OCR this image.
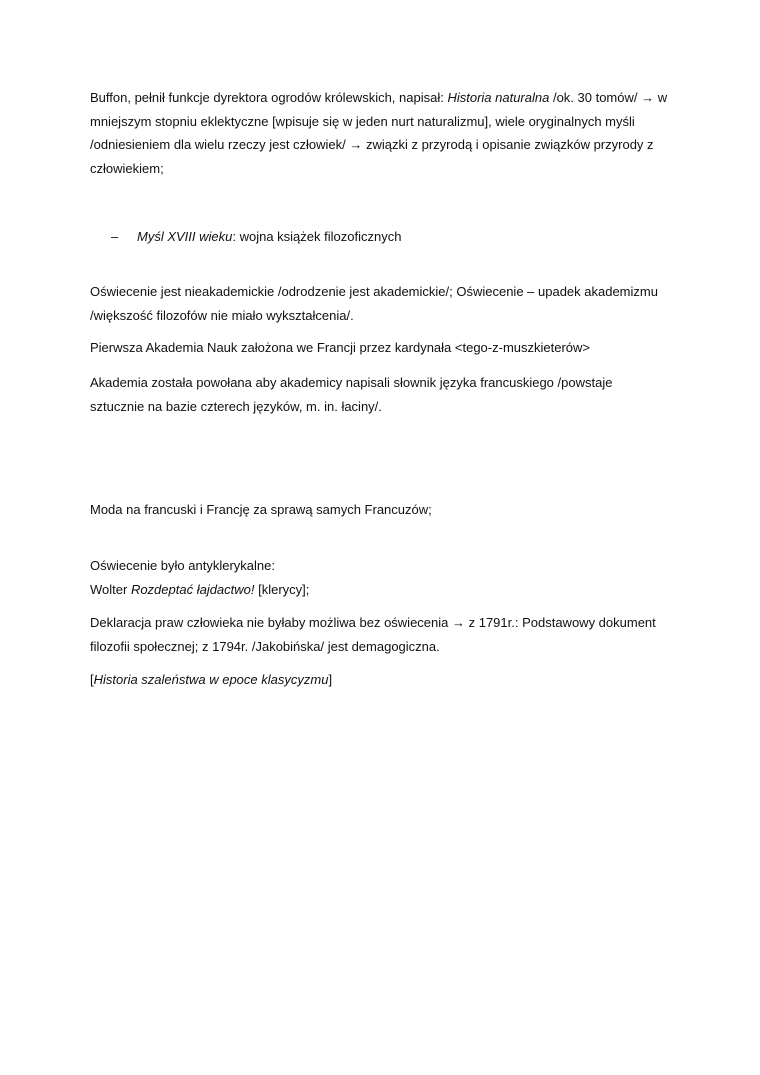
Buffon, pełnił funkcje dyrektora ogrodów królewskich, napisał: Historia naturalna /ok. 30 tomów/ → w mniejszym stopniu eklektyczne [wpisuje się w jeden nurt naturalizmu], wiele oryginalnych myśli /odniesieniem dla wielu rzeczy jest człowiek/ → związki z przyrodą i opisanie związków przyrody z człowiekiem;
– Myśl XVIII wieku: wojna książek filozoficznych
Oświecenie jest nieakademickie /odrodzenie jest akademickie/; Oświecenie – upadek akademizmu /większość filozofów nie miało wykształcenia/.
Pierwsza Akademia Nauk założona we Francji przez kardynała <tego-z-muszkieterów>
Akademia została powołana aby akademicy napisali słownik języka francuskiego /powstaje sztucznie na bazie czterech języków, m. in. łaciny/.
Moda na francuski i Francję za sprawą samych Francuzów;
Oświecenie było antyklerykalne:
Wolter Rozdeptać łajdactwo! [klerycy];
Deklaracja praw człowieka nie byłaby możliwa bez oświecenia → z 1791r.: Podstawowy dokument filozofii społecznej; z 1794r. /Jakobińska/ jest demagogiczna.
[Historia szaleństwa w epoce klasycyzmu]
